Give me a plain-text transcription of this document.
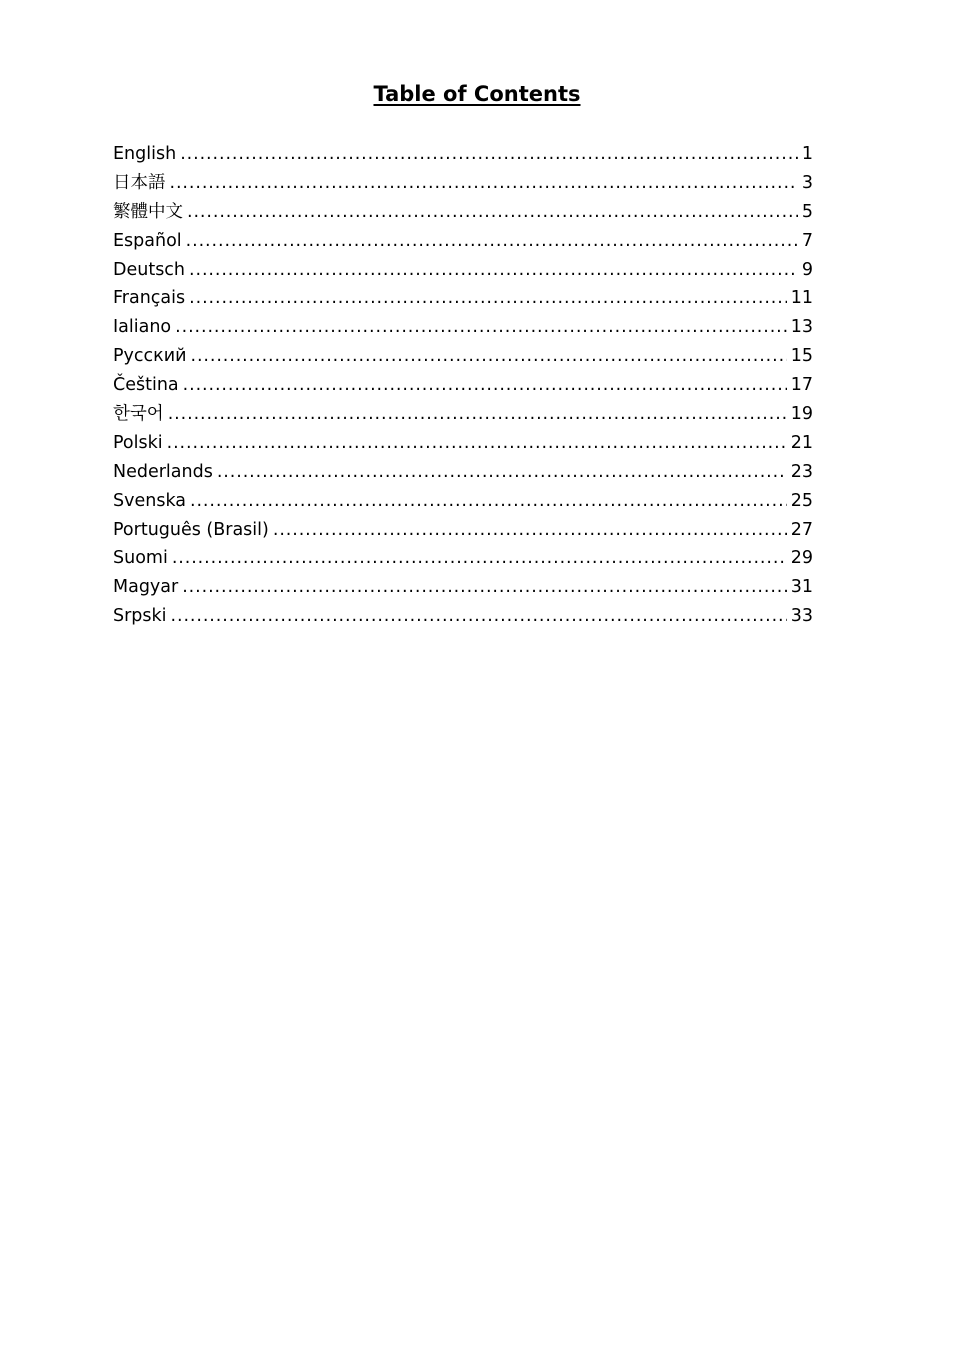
Table of Contents
English .....	1
日本語 .....	3
繁體中文 .....	5
Español .....	7
Deutsch .....	9
Français .....	11
Ialiano .....	13
Русский .....	15
Čeština .....	17
한국어 .....	19
Polski .....	21
Nederlands .....	23
Svenska .....	25
Português (Brasil) .....	27
Suomi .....	29
Magyar .....	31
Srpski .....	33
